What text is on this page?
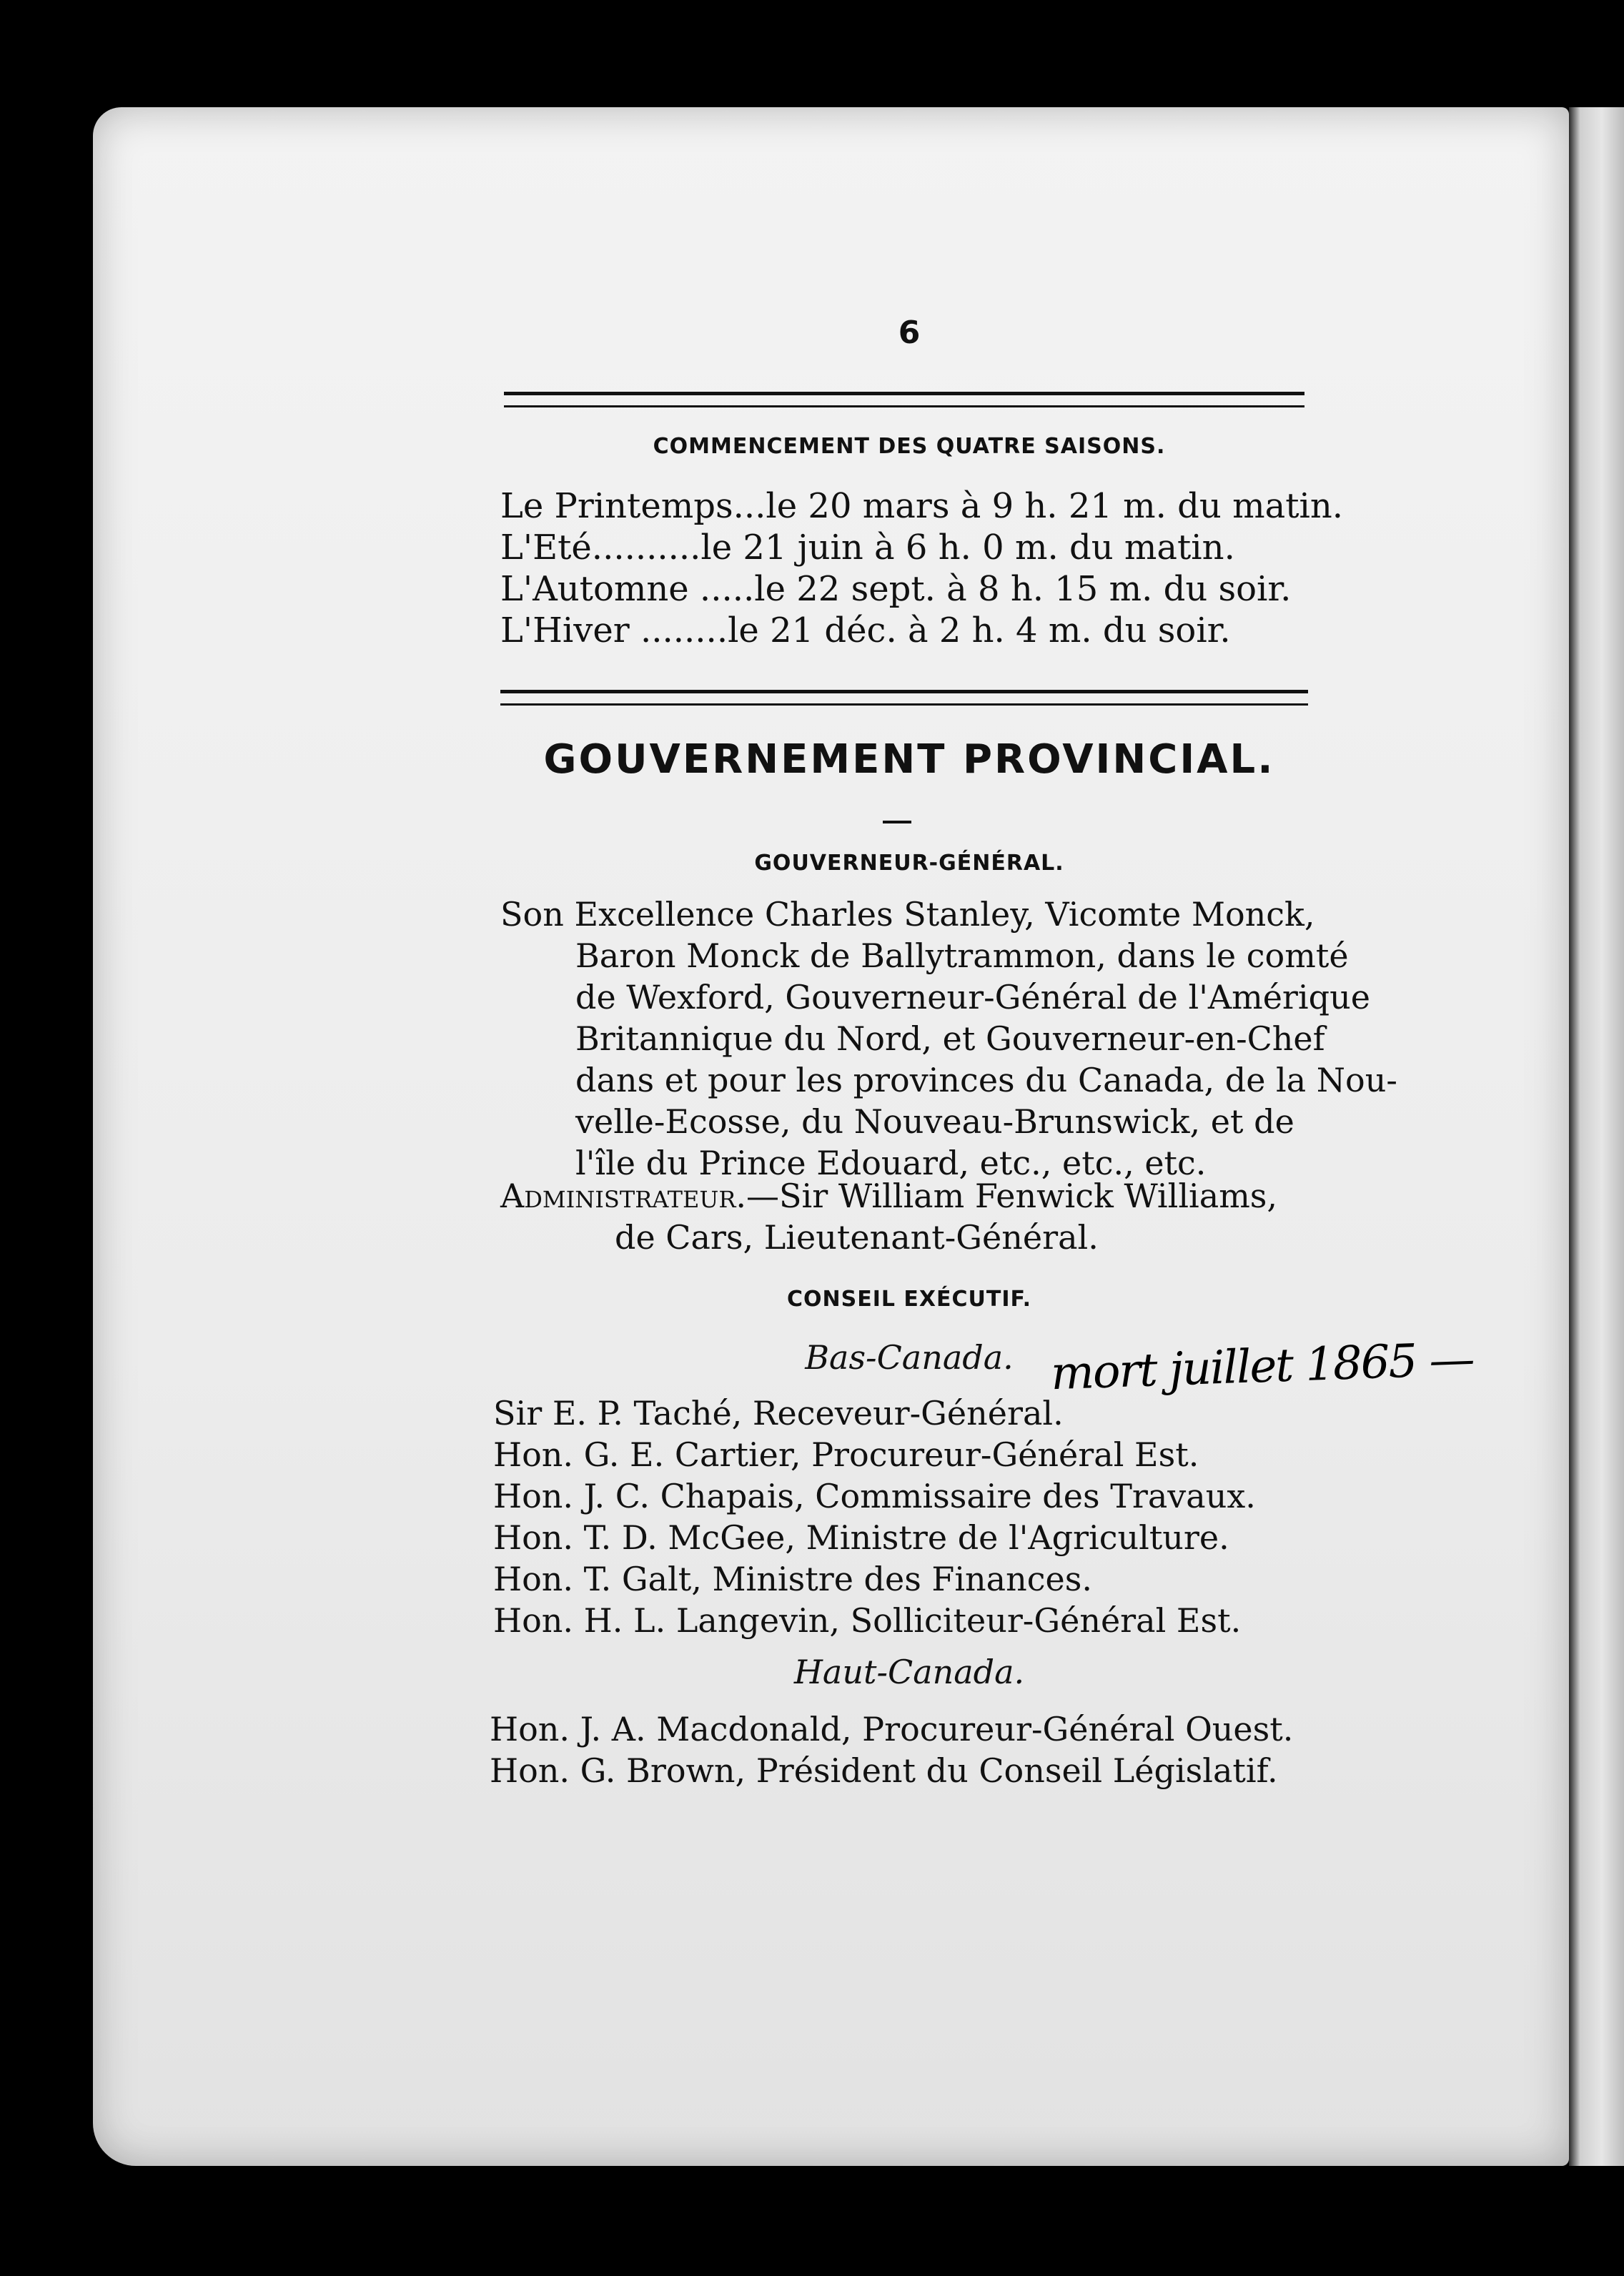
6
COMMENCEMENT DES QUATRE SAISONS.
Le Printemps...le 20 mars à 9 h. 21 m. du matin.
L'Eté..........le 21 juin à 6 h. 0 m. du matin.
L'Automne .....le 22 sept. à 8 h. 15 m. du soir.
L'Hiver ........le 21 déc. à 2 h. 4 m. du soir.
GOUVERNEMENT PROVINCIAL.
GOUVERNEUR-GÉNÉRAL.
Son Excellence Charles Stanley, Vicomte Monck,
Baron Monck de Ballytrammon, dans le comté
de Wexford, Gouverneur-Général de l'Amérique
Britannique du Nord, et Gouverneur-en-Chef
dans et pour les provinces du Canada, de la Nou-
velle-Ecosse, du Nouveau-Brunswick, et de
l'île du Prince Edouard, etc., etc., etc.
Administrateur.—Sir William Fenwick Williams,
de Cars, Lieutenant-Général.
CONSEIL EXÉCUTIF.
Bas-Canada.
Sir E. P. Taché, Receveur-Général.
Hon. G. E. Cartier, Procureur-Général Est.
Hon. J. C. Chapais, Commissaire des Travaux.
Hon. T. D. McGee, Ministre de l'Agriculture.
Hon. T. Galt, Ministre des Finances.
Hon. H. L. Langevin, Solliciteur-Général Est.
Haut-Canada.
Hon. J. A. Macdonald, Procureur-Général Ouest.
Hon. G. Brown, Président du Conseil Législatif.
mort juillet 1865 —
